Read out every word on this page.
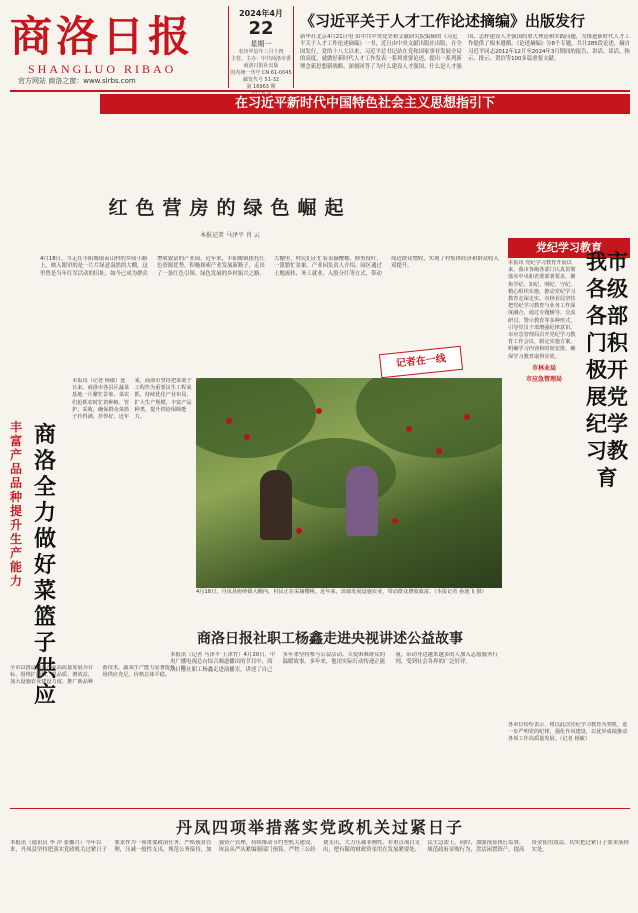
商洛日报
SHANGLUO RIBAO
官方网站 商洛之窗：www.slrbs.com
2024年4月
22
星期一
农历甲辰年三月十四
主管、主办：中共商洛市委
商洛日报社出版
国内统一刊号 CN 61-0045
邮发代号 51-32
第 16963 期
《习近平关于人才工作论述摘编》出版发行
新华社北京4月21日电 由中共中央党史和文献研究院编辑的《习近平关于人才工作论述摘编》一书，近日由中央文献出版社出版，在全国发行。党的十八大以来，习近平总书记站在党和国家事业发展全局的高度，就做好新时代人才工作发表一系列重要论述，提出一系列新理念新思想新战略，深刻回答了为什么建设人才强国、什么是人才强国、怎样建设人才强国的重大理论和实践问题，为推进新时代人才工作提供了根本遵循。《论述摘编》分8个专题，共计285段论述，摘自习近平同志2012年12月至2024年3月期间的报告、讲话、谈话、指示、批示、贺信等100多篇重要文献。
在习近平新时代中国特色社会主义思想指引下
红色营房的绿色崛起
本报记者 马泽平 肖 云
4月18日，当走在丰阳塬镇苗山村的乡间小路上，映入眼帘的是一片片绿意盎然的大棚，这里曾是当年红军活动的旧址，如今已成为群众增收致富的产业园。近年来，丰阳塬镇依托红色资源优势，积极探索产业发展新路子，走出了一条红色引领、绿色发展的乡村振兴之路。大棚里，村民们正忙着采摘樱桃、修剪枝叶，一派繁忙景象。产业园负责人介绍，园区通过土地流转、务工就业、入股分红等方式，带动周边群众增收，实现了村集体经济和群众收入双提升。
记者在一线
党纪学习教育
本报讯 党纪学习教育开展以来，我市各级各部门认真贯彻落实中央和省委部署要求，聚焦学纪、知纪、明纪、守纪，精心组织实施，推动党纪学习教育走深走实。市林业局坚持把党纪学习教育与业务工作深度融合，通过专题辅导、交流研讨、警示教育等多种形式，引导党员干部增强纪律意识。市应急管理局召开党纪学习教育工作会议，制定实施方案，明确学习内容和时间安排，确保学习教育取得实效。
市林业局
市应急管理局
我市各级各部门积极开展党纪学习教育
各单位纷纷表示，将以此次党纪学习教育为契机，进一步严明党的纪律，强化作风建设，以优异成绩推动各项工作高质量发展。（记者 杨敏）
丰富产品品种 提升生产能力
商洛全力做好菜篮子供应
本报讯（记者 杨敏）连日来，商洛市各县区蔬菜基地一片繁忙景象，菜农们抢抓农时忙着种植、管护、采收，确保群众菜篮子拎得满、拎得好。近年来，商洛市坚持把菜篮子工程作为重要民生工程来抓，持续优化产业布局，扩大生产规模，丰富产品种类，提升供给保障能力。
全市以推动蔬菜产业高质量发展为目标，围绕扩面积、提品质、增效益，加大设施农业建设力度，推广新品种新技术，蔬菜生产能力显著提升，市场供应充足，价格总体平稳。
4月18日，丹凤县庾岭镇大棚内，村民正在采摘樱桃。近年来，该镇发展设施农业，带动群众增收致富。（本报记者 孙迪飞 摄）
商洛日报社职工杨鑫走进央视讲述公益故事
本报讯（记者 马泽平 王津竹）4月20日，中央广播电视总台综合频道播出的节目中，商洛日报社职工杨鑫走进演播室，讲述了自己多年来坚持参与公益活动、关爱困难群众的温暖故事。多年来，他用实际行动传递正能量，带动身边越来越多的人加入志愿服务行列，受到社会各界的广泛好评。
丹凤四项举措落实党政机关过紧日子
本报讯（通讯员 李 洋 张馨月）今年以来，丹凤县坚持把落实党政机关过紧日子要求作为一项重要政治任务，严格预算管理，压减一般性支出，规范公务接待，加强资产管理，持续推动节约型机关建设。该县从严从紧编制部门预算，严控三公经费支出，大力压减非刚性、非重点项目支出，把有限的财政资金用在发展紧要处、民生急需上。同时，加强预算执行监督，规范政府采购行为，盘活闲置资产，提高资金使用效益，切实把过紧日子要求落到实处。
